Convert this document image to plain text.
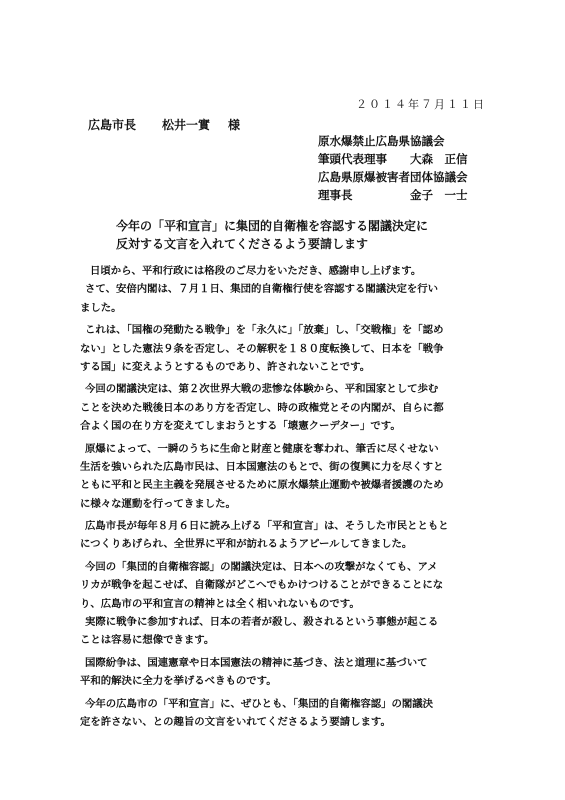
２０１４年７月１１日
広島市長 松井一實 様
原水爆禁止広島県協議会
筆頭代表理事 大森　正信
広島県原爆被害者団体協議会
理事長	金子　一士
今年の「平和宣言」に集団的自衛権を容認する閣議決定に
反対する文言を入れてくださるよう要請します
日頃から、平和行政には格段のご尽力をいただき、感謝申し上げます。
さて、安倍内閣は、７月１日、集団的自衛権行使を容認する閣議決定を行い
ました。
これは、「国権の発動たる戦争」を「永久に」「放棄」し、「交戦権」を「認め
ない」とした憲法９条を否定し、その解釈を１８０度転換して、日本を「戦争
する国」に変えようとするものであり、許されないことです。
今回の閣議決定は、第２次世界大戦の悲惨な体験から、平和国家として歩む
ことを決めた戦後日本のあり方を否定し、時の政権党とその内閣が、自らに都
合よく国の在り方を変えてしまおうとする「壊憲クーデター」です。
原爆によって、一瞬のうちに生命と財産と健康を奪われ、筆舌に尽くせない
生活を強いられた広島市民は、日本国憲法のもとで、街の復興に力を尽くすと
ともに平和と民主主義を発展させるために原水爆禁止運動や被爆者援護のため
に様々な運動を行ってきました。
広島市長が毎年８月６日に読み上げる「平和宣言」は、そうした市民とともと
につくりあげられ、全世界に平和が訪れるようアピールしてきました。
今回の「集団的自衛権容認」の閣議決定は、日本への攻撃がなくても、アメ
リカが戦争を起こせば、自衛隊がどこへでもかけつけることができることにな
り、広島市の平和宣言の精神とは全く相いれないものです。
実際に戦争に参加すれば、日本の若者が殺し、殺されるという事態が起こる
ことは容易に想像できます。
国際紛争は、国連憲章や日本国憲法の精神に基づき、法と道理に基づいて
平和的解決に全力を挙げるべきものです。
今年の広島市の「平和宣言」に、ぜひとも、「集団的自衛権容認」の閣議決
定を許さない、との趣旨の文言をいれてくださるよう要請します。
